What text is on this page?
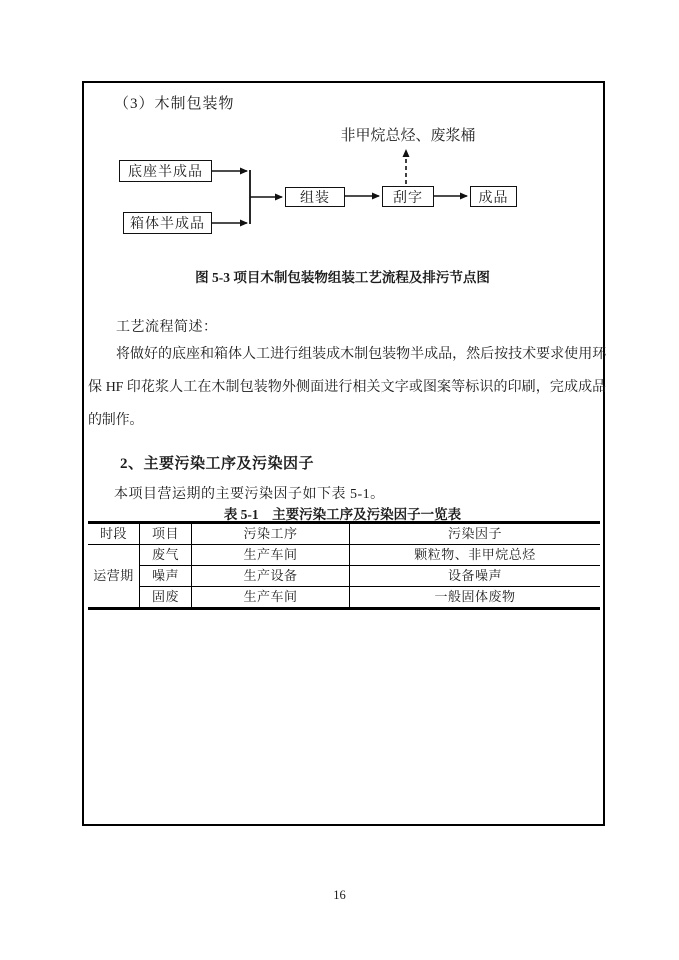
（3）木制包装物
非甲烷总烃、废浆桶
底座半成品
箱体半成品
组装	刮字	成品
图 5-3 项目木制包装物组装工艺流程及排污节点图
工艺流程简述：

将做好的底座和箱体人工进行组装成木制包装物半成品，然后按技术要求使用环保 HF 印花浆人工在木制包装物外侧面进行相关文字或图案等标识的印刷，完成成品的制作。

2、主要污染工序及污染因子
本项目营运期的主要污染因子如下表 5-1。
表 5-1　主要污染工序及污染因子一览表
时段	项目	污染工序	污染因子
运营期	废气	生产车间	颗粒物、非甲烷总烃
	噪声	生产设备	设备噪声
	固废	生产车间	一般固体废物
16
